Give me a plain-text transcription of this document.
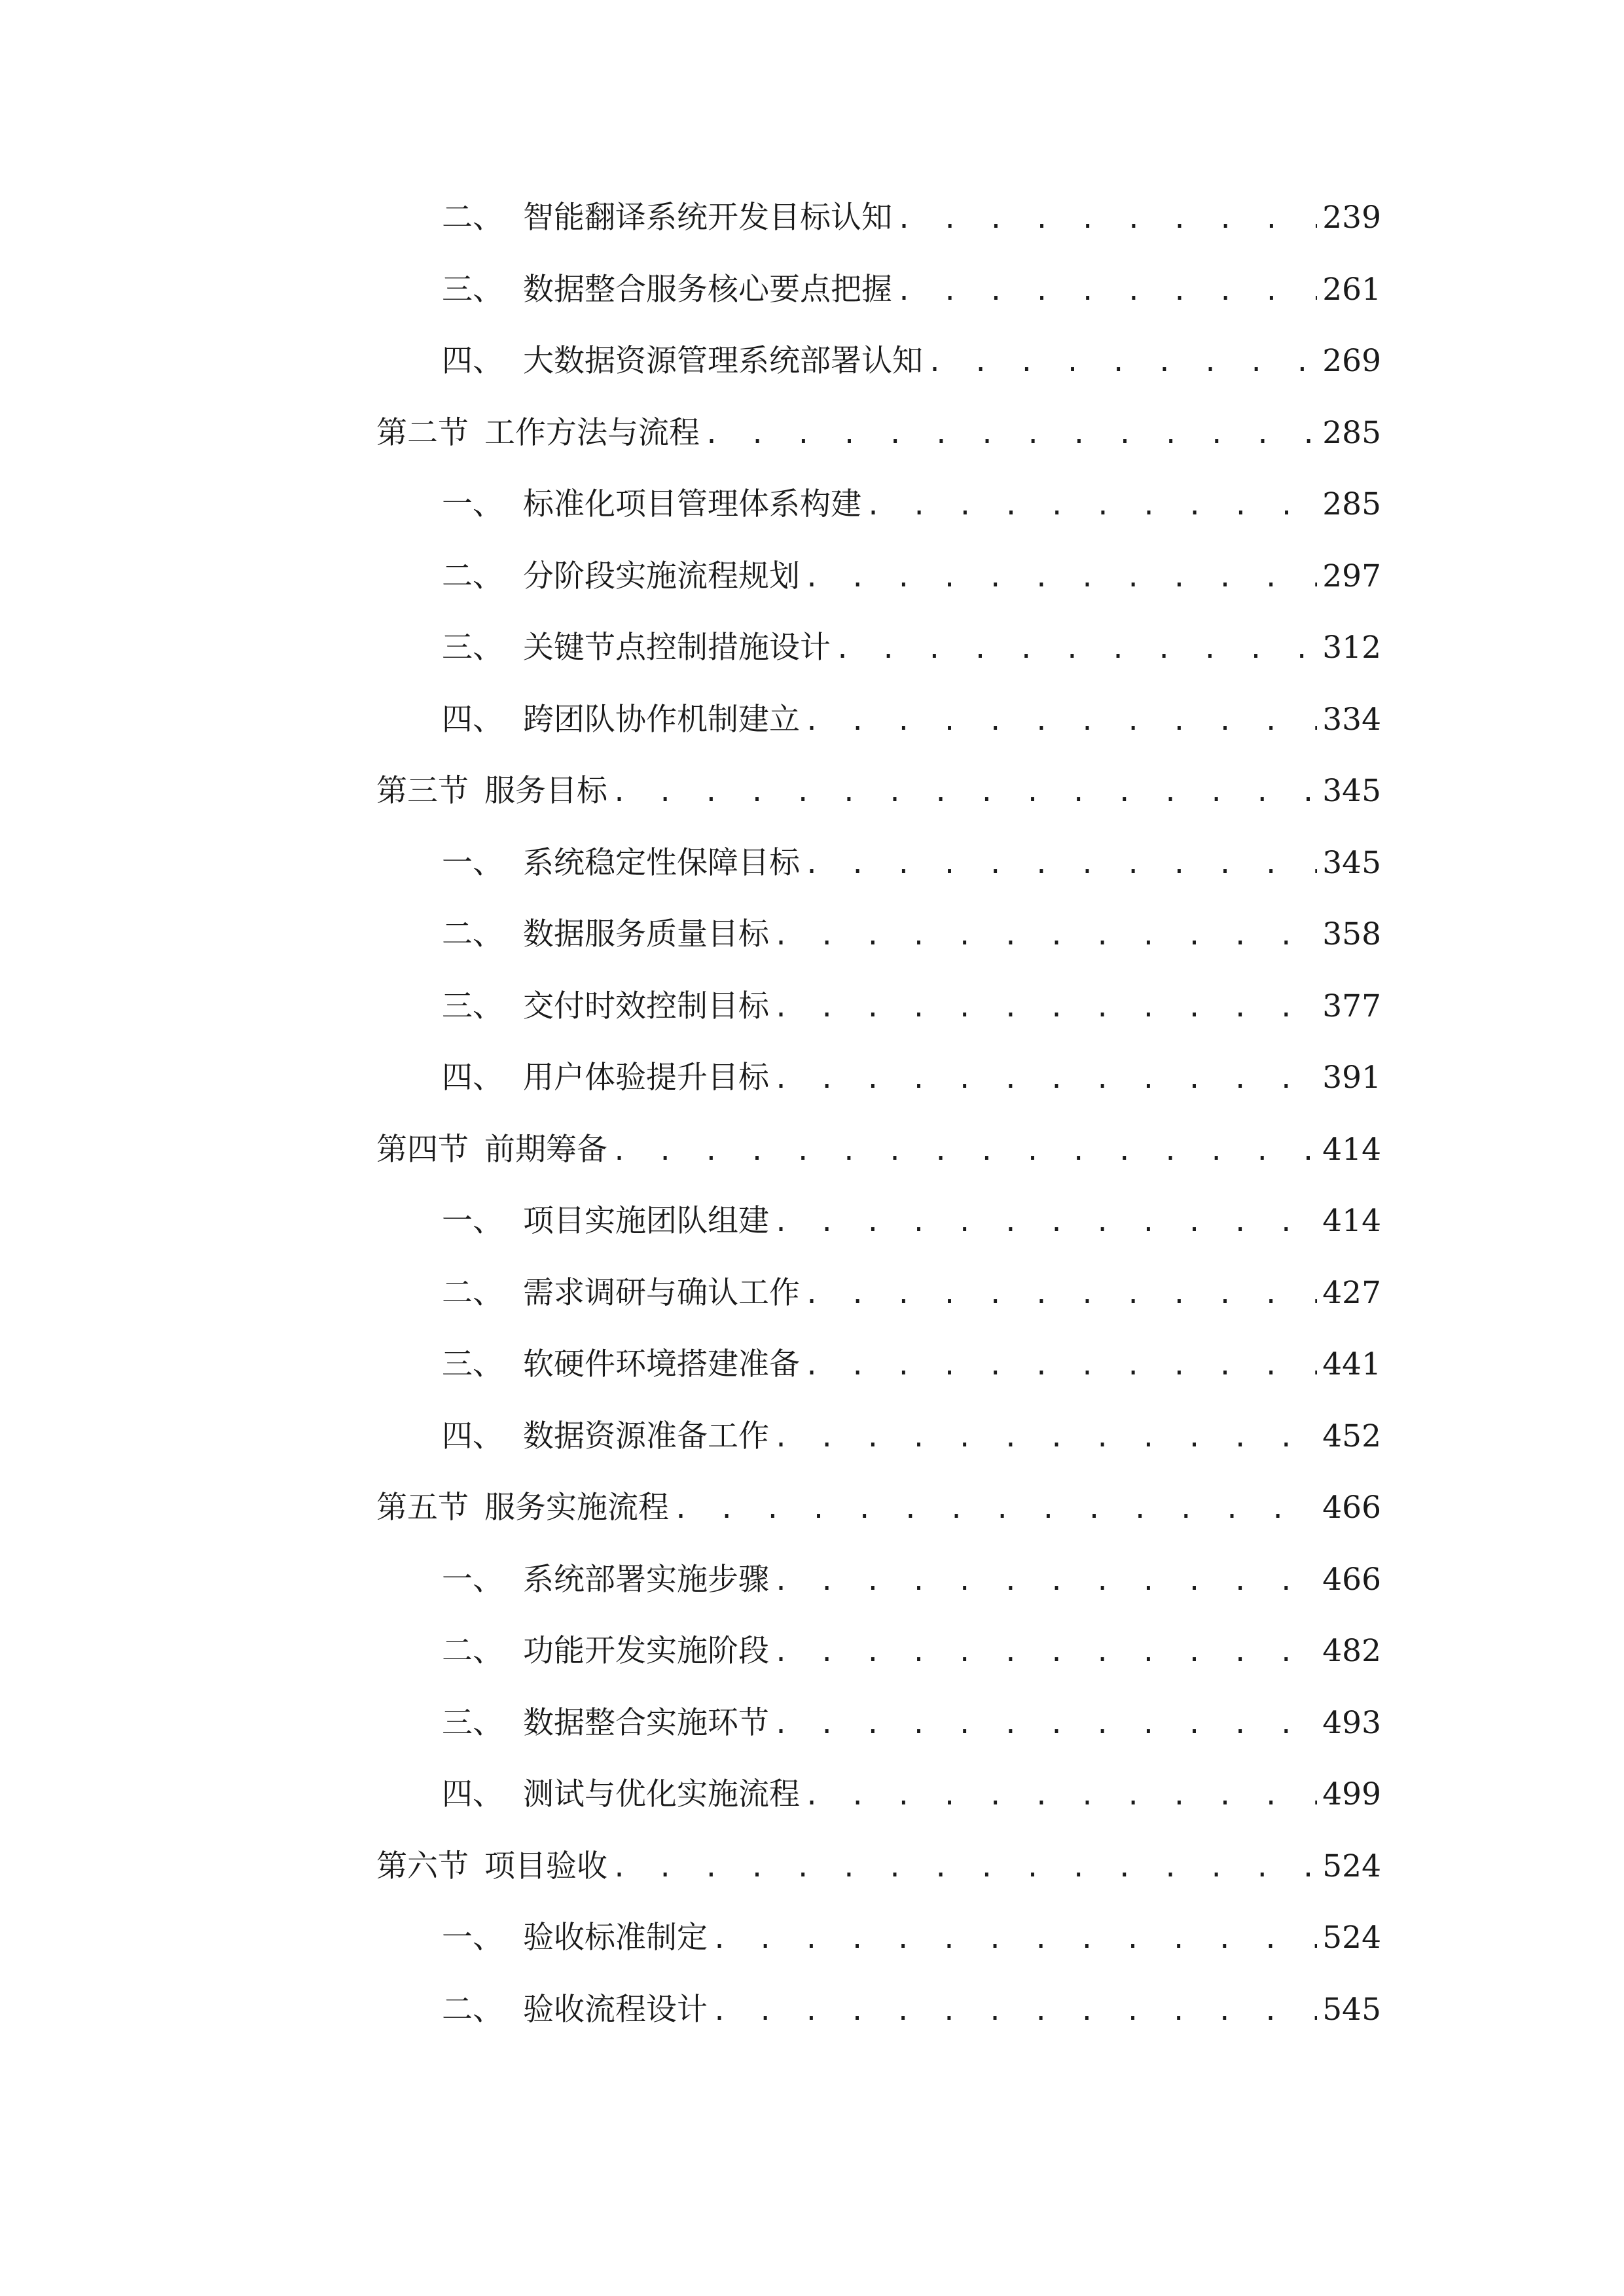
二、 智能翻译系统开发目标认知 . . .	239
三、 数据整合服务核心要点把握 . . .	261
四、 大数据资源管理系统部署认知 . . .	269
第二节 工作方法与流程 . . .	285
一、 标准化项目管理体系构建 . . .	285
二、 分阶段实施流程规划 . . .	297
三、 关键节点控制措施设计 . . .	312
四、 跨团队协作机制建立 . . .	334
第三节 服务目标 . . .	345
一、 系统稳定性保障目标 . . .	345
二、 数据服务质量目标 . . .	358
三、 交付时效控制目标 . . .	377
四、 用户体验提升目标 . . .	391
第四节 前期筹备 . . .	414
一、 项目实施团队组建 . . .	414
二、 需求调研与确认工作 . . .	427
三、 软硬件环境搭建准备 . . .	441
四、 数据资源准备工作 . . .	452
第五节 服务实施流程 . . .	466
一、 系统部署实施步骤 . . .	466
二、 功能开发实施阶段 . . .	482
三、 数据整合实施环节 . . .	493
四、 测试与优化实施流程 . . .	499
第六节 项目验收 . . .	524
一、 验收标准制定 . . .	524
二、 验收流程设计 . . .	545
